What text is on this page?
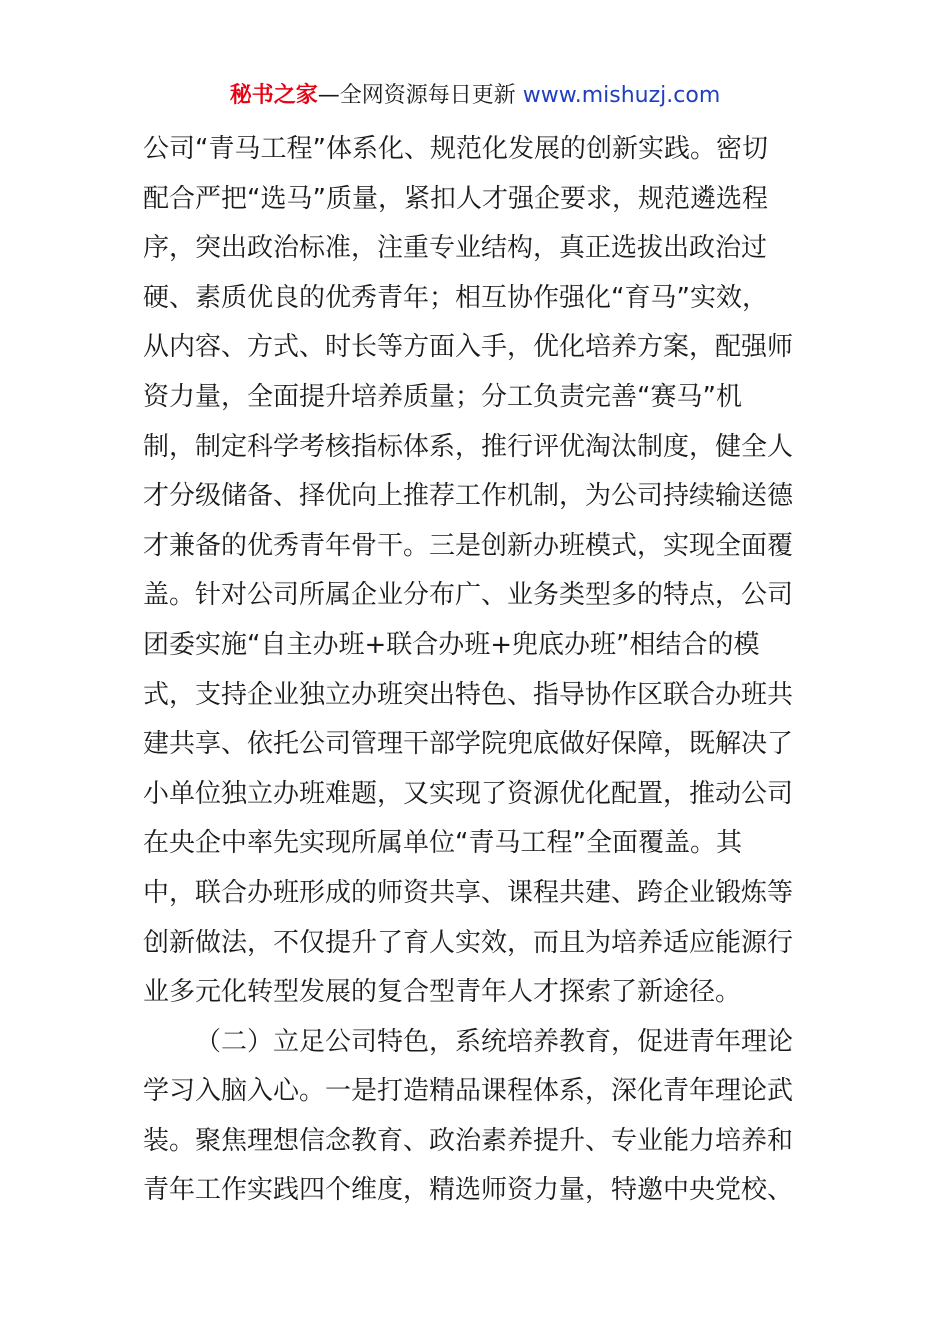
秘书之家—全网资源每日更新 www.mishuzj.com
公司“青马工程”体系化、规范化发展的创新实践。密切
配合严把“选马”质量，紧扣人才强企要求，规范遴选程
序，突出政治标准，注重专业结构，真正选拔出政治过
硬、素质优良的优秀青年；相互协作强化“育马”实效，
从内容、方式、时长等方面入手，优化培养方案，配强师
资力量，全面提升培养质量；分工负责完善“赛马”机
制，制定科学考核指标体系，推行评优淘汰制度，健全人
才分级储备、择优向上推荐工作机制，为公司持续输送德
才兼备的优秀青年骨干。三是创新办班模式，实现全面覆
盖。针对公司所属企业分布广、业务类型多的特点，公司
团委实施“自主办班+联合办班+兜底办班”相结合的模
式，支持企业独立办班突出特色、指导协作区联合办班共
建共享、依托公司管理干部学院兜底做好保障，既解决了
小单位独立办班难题，又实现了资源优化配置，推动公司
在央企中率先实现所属单位“青马工程”全面覆盖。其
中，联合办班形成的师资共享、课程共建、跨企业锻炼等
创新做法，不仅提升了育人实效，而且为培养适应能源行
业多元化转型发展的复合型青年人才探索了新途径。
（二）立足公司特色，系统培养教育，促进青年理论
学习入脑入心。一是打造精品课程体系，深化青年理论武
装。聚焦理想信念教育、政治素养提升、专业能力培养和
青年工作实践四个维度，精选师资力量，特邀中央党校、
